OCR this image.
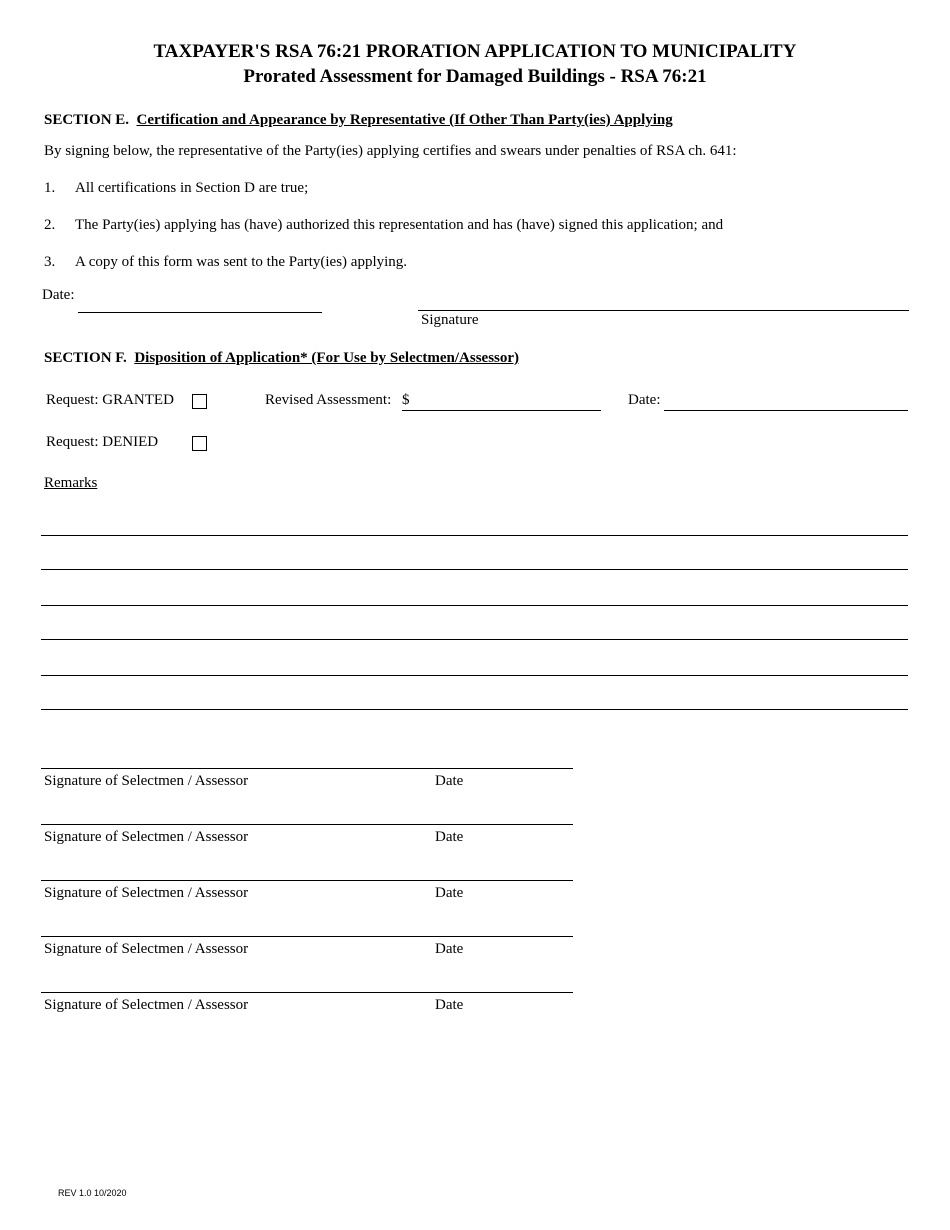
TAXPAYER'S RSA 76:21 PRORATION APPLICATION TO MUNICIPALITY
Prorated Assessment for Damaged Buildings - RSA 76:21
SECTION E. Certification and Appearance by Representative (If Other Than Party(ies) Applying
By signing below, the representative of the Party(ies) applying certifies and swears under penalties of RSA ch. 641:
1. All certifications in Section D are true;
2. The Party(ies) applying has (have) authorized this representation and has (have) signed this application; and
3. A copy of this form was sent to the Party(ies) applying.
Date:
Signature
SECTION F. Disposition of Application* (For Use by Selectmen/Assessor)
Request: GRANTED	Revised Assessment: $	Date:
Request: DENIED
Remarks
Signature of Selectmen / Assessor	Date
Signature of Selectmen / Assessor	Date
Signature of Selectmen / Assessor	Date
Signature of Selectmen / Assessor	Date
Signature of Selectmen / Assessor	Date
REV 1.0 10/2020
